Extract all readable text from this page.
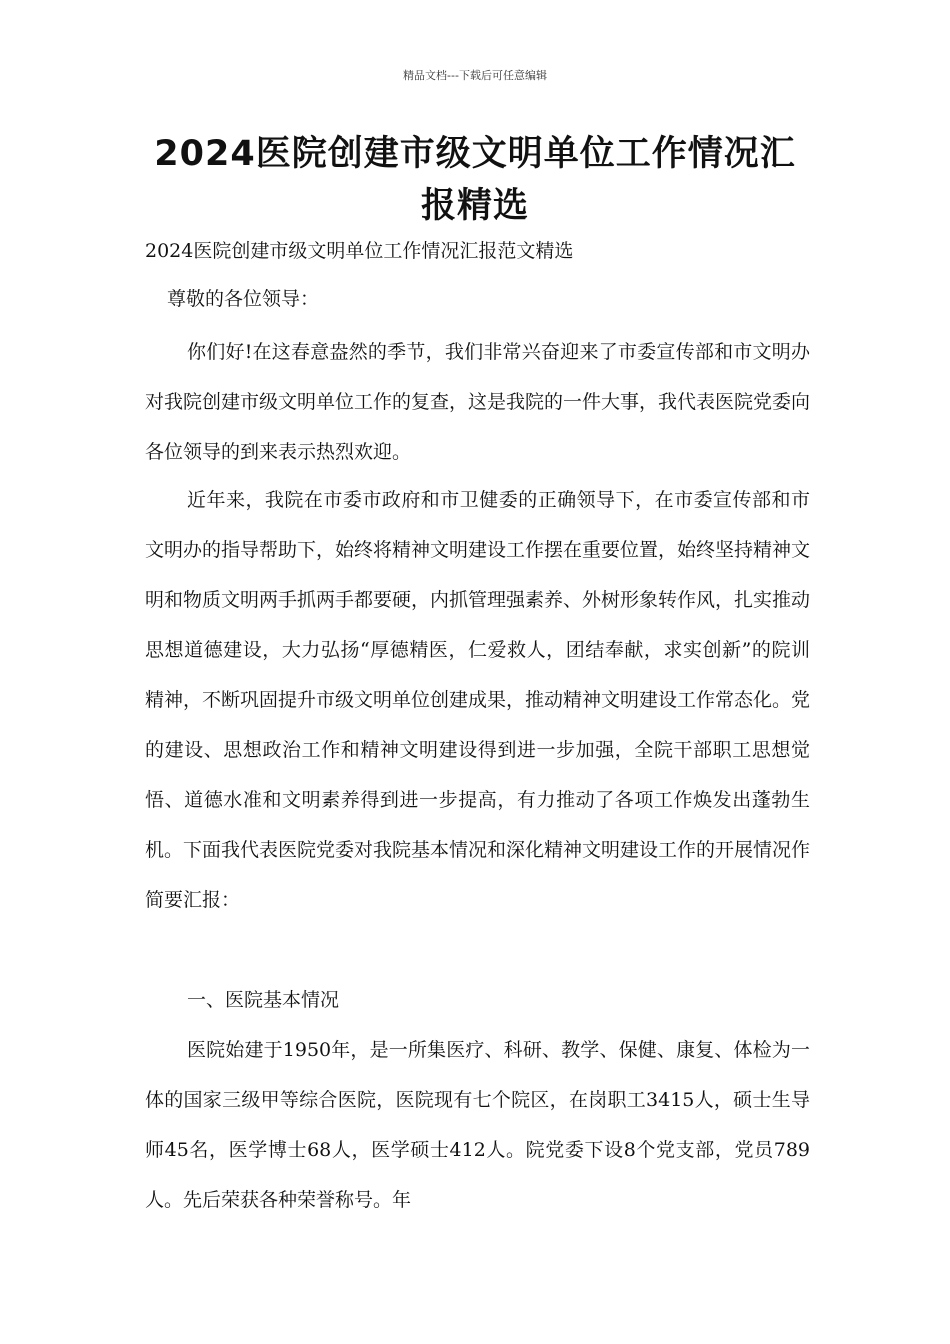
精品文档---下载后可任意编辑
2024医院创建市级文明单位工作情况汇报精选

2024医院创建市级文明单位工作情况汇报范文精选

尊敬的各位领导：

你们好!在这春意盎然的季节，我们非常兴奋迎来了市委宣传部和市文明办对我院创建市级文明单位工作的复查，这是我院的一件大事，我代表医院党委向各位领导的到来表示热烈欢迎。

近年来，我院在市委市政府和市卫健委的正确领导下，在市委宣传部和市文明办的指导帮助下，始终将精神文明建设工作摆在重要位置，始终坚持精神文明和物质文明两手抓两手都要硬，内抓管理强素养、外树形象转作风，扎实推动思想道德建设，大力弘扬“厚德精医，仁爱救人，团结奉献，求实创新”的院训精神，不断巩固提升市级文明单位创建成果，推动精神文明建设工作常态化。党的建设、思想政治工作和精神文明建设得到进一步加强，全院干部职工思想觉悟、道德水准和文明素养得到进一步提高，有力推动了各项工作焕发出蓬勃生机。下面我代表医院党委对我院基本情况和深化精神文明建设工作的开展情况作简要汇报：

一、医院基本情况

医院始建于1950年，是一所集医疗、科研、教学、保健、康复、体检为一体的国家三级甲等综合医院，医院现有七个院区，在岗职工3415人，硕士生导师45名，医学博士68人，医学硕士412人。院党委下设8个党支部，党员789人。先后荣获各种荣誉称号。年
